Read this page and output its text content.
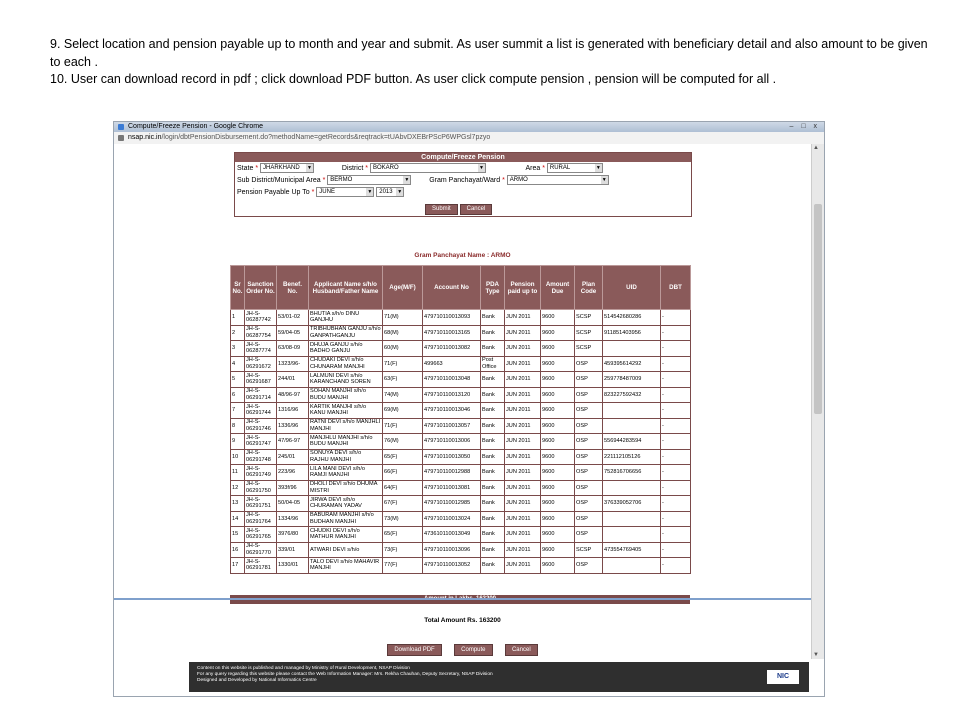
9. Select location and pension payable up to month and year and submit. As user summit a list is generated with beneficiary detail and also amount to be given to each .

10. User can download record in pdf ; click download PDF button. As user click compute pension , pension will be computed for all .

Compute/Freeze Pension - Google Chrome	– □ x
nsap.nic.in/login/dbtPensionDisbursement.do?methodName=getRecords&reqtrack=tUAbvDXEBrPScP6WPGsl7pzyo
Compute/Freeze Pension
State * JHARKHAND ▼	District * BOKARO	▼	Area * RURAL	▼
Sub District/Municipal Area * BERMO	▼	Gram Panchayat/Ward * ARMO	▼
Pension Payable Up To * JUNE	▼ 2013 ▼
Submit	Cancel
Gram Panchayat Name : ARMO
Sr No.	Sanction Order No.	Benef. No.	Applicant Name s/h/o Husband/Father Name	Age(M/F)	Account No	PDA Type	Pension paid up to	Amount Due	Plan Code	UID	DBT
1	JH-S-06287742	53/01-02	BHUTIA s/h/o DINU GANJHU	71(M)	479710110013093	Bank	JUN 2011	9600	SCSP	514542680286	-
2	JH-S-06287754	59/04-05	TRIBHUBHAN GANJU s/h/o GANPATHGANJU	68(M)	479710110013165	Bank	JUN 2011	9600	SCSP	911851403956	-
3	JH-S-06287774	63/08-09	DHUJA GANJU s/h/o BADHO GANJU	60(M)	479710110013082	Bank	JUN 2011	9600	SCSP		-
4	JH-S-06291672	1323/96-	CHUDAKI DEVI s/h/o CHUNARAM MANJHI	71(F)	499663	Post Office	JUN 2011	9600	OSP	459395614292	-
5	JH-S-06291687	244/01	LALMUNI DEVI s/h/o KARANCHAND SOREN	63(F)	479710110013048	Bank	JUN 2011	9600	OSP	259778487009	-
6	JH-S-06291714	48/96-97	SOHAN MANJHI s/h/o BUDU MANJHI	74(M)	479710110013120	Bank	JUN 2011	9600	OSP	823227592432	-
7	JH-S-06291744	1316/96	KARTIK MANJHI s/h/o KANU MANJHI	69(M)	479710110013046	Bank	JUN 2011	9600	OSP		-
8	JH-S-06291746	1336/96	RATNI DEVI s/h/o MANJHLI MANJHI	71(F)	479710110013057	Bank	JUN 2011	9600	OSP		-
9	JH-S-06291747	47/96-97	MANJHLU MANJHI s/h/o BUDU MANJHI	76(M)	479710110013006	Bank	JUN 2011	9600	OSP	556944283594	-
10	JH-S-06291748	245/01	SONUYA DEVI s/h/o RAJHU MANJHI	65(F)	479710110013050	Bank	JUN 2011	9600	OSP	221112105126	-
11	JH-S-06291749	223/96	LILA MANI DEVI s/h/o RAMJI MANJHI	66(F)	479710110012988	Bank	JUN 2011	9600	OSP	752816706656	-
12	JH-S-06291750	393f/96	DHOLI DEVI s/h/o DHUMA MISTRI	64(F)	479710110013081	Bank	JUN 2011	9600	OSP		-
13	JH-S-06291751	50/04-05	JIRWA DEVI s/h/o CHURAMAN YADAV	67(F)	479710110012985	Bank	JUN 2011	9600	OSP	376339052706	-
14	JH-S-06291764	1334/96	BABURAM MANJHI s/h/o BUDHAN MANJHI	73(M)	479710110013024	Bank	JUN 2011	9600	OSP		-
15	JH-S-06291765	3976/80	CHUDKI DEVI s/h/o MATHUR MANJHI	65(F)	473610110013049	Bank	JUN 2011	9600	OSP		-
16	JH-S-06291770	339/01	ATWARI DEVI s/h/o	73(F)	479710110013096	Bank	JUN 2011	9600	SCSP	473554769405	-
17	JH-S-06291781	1330/01	TALO DEVI s/h/o MAHAVIR MANJHI	77(F)	479710110013052	Bank	JUN 2011	9600	OSP		-
Amount in Lakhs. 163200
Total Amount Rs. 163200
Download PDF	Compute	Cancel
▲
▼
Content on this website is published and managed by Ministry of Rural Development, NSAP Division
For any query regarding this website please contact the Web Information Manager: Mrs. Rekha Chauhan, Deputy Secretary, NSAP Division
Designed and Developed by National Informatics Centre
NIC
